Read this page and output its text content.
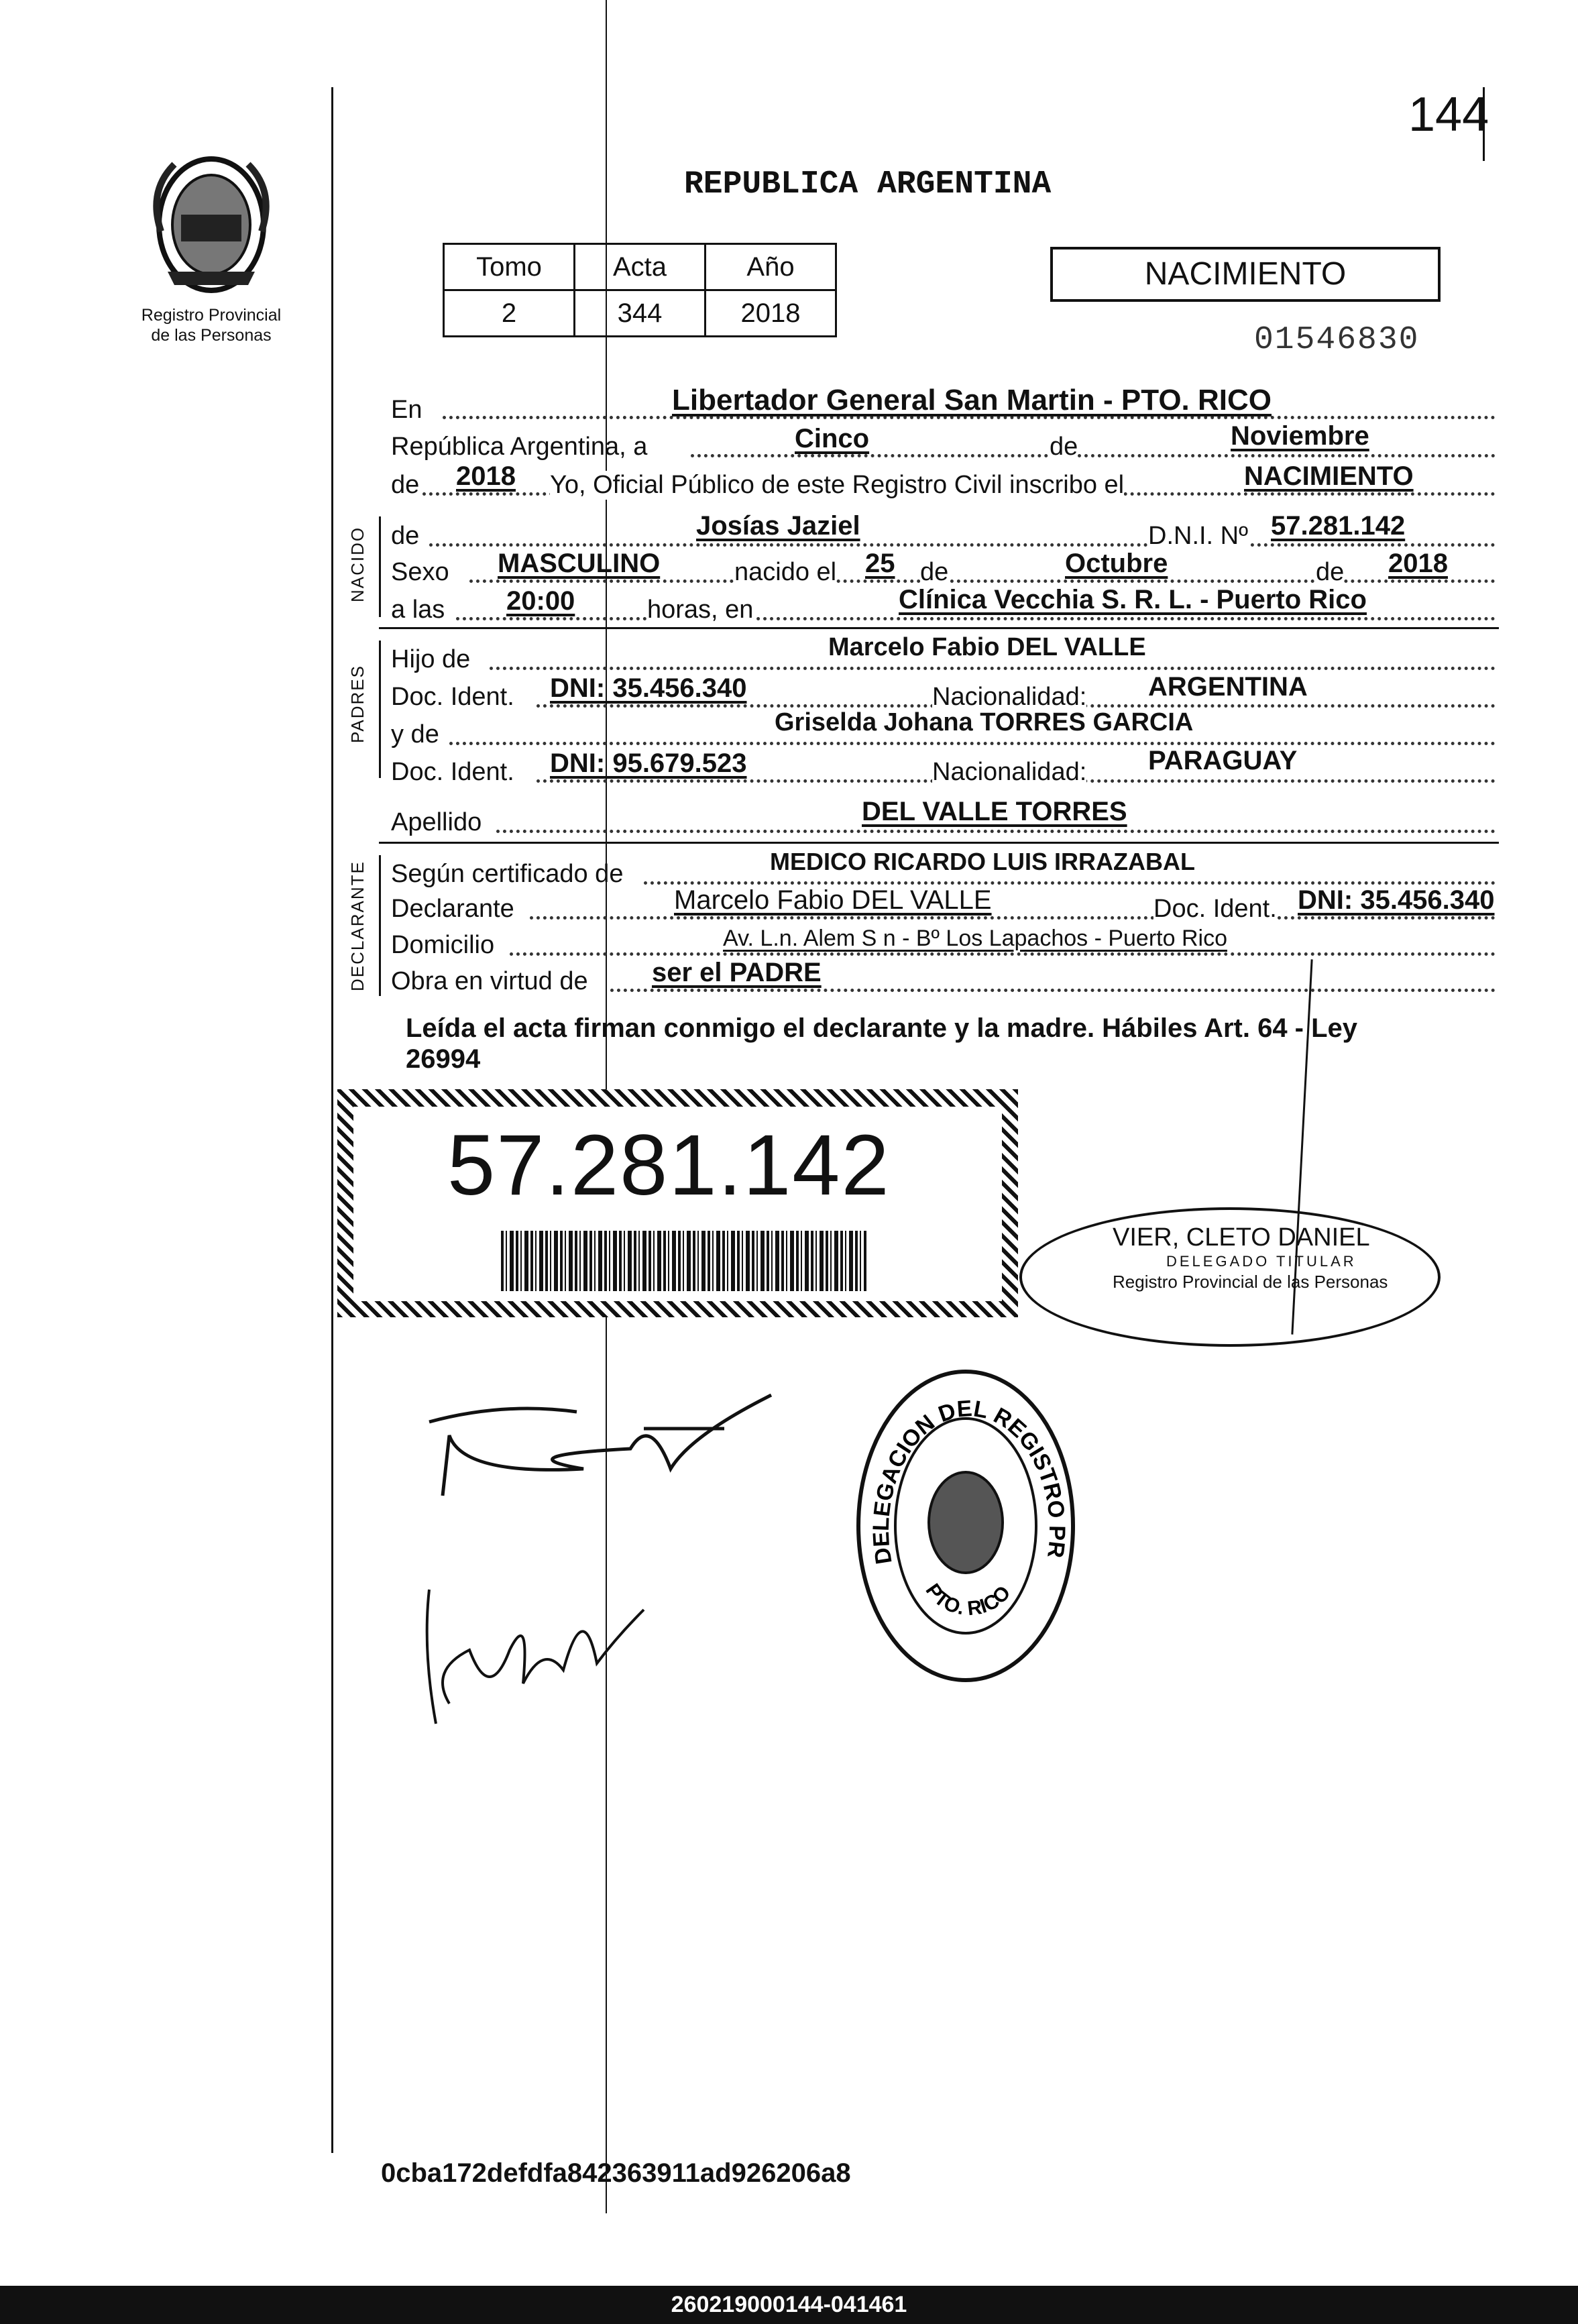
144
Registro Provincial
de las Personas
REPUBLICA ARGENTINA
Tomo	Acta	Año
2	344	2018
NACIMIENTO
01546830
En	Libertador General San Martin - PTO. RICO
República Argentina, a	Cinco	de	Noviembre
de 2018 Yo, Oficial Público de este Registro Civil inscribo el	NACIMIENTO
NACIDO de	Josías Jaziel	D.N.I. Nº 57.281.142
Sexo MASCULINO	nacido el 25 de	Octubre	de 2018
a las 20:00	horas, en	Clínica Vecchia S. R. L. - Puerto Rico
PADRES
Hijo de	Marcelo Fabio DEL VALLE
Doc. Ident. DNI: 35.456.340	Nacionalidad: ARGENTINA
y de	Griselda Johana TORRES GARCIA
Doc. Ident. DNI: 95.679.523	Nacionalidad: PARAGUAY
Apellido	DEL VALLE TORRES
DECLARANTE Según certificado de	MEDICO RICARDO LUIS IRRAZABAL
Declarante	Marcelo Fabio DEL VALLE	Doc. Ident. DNI: 35.456.340
Domicilio	Av. L.n. Alem S n - Bº Los Lapachos - Puerto Rico
Obra en virtud de ser el PADRE
Leída el acta firman conmigo el declarante y la madre. Hábiles Art. 64 - Ley
26994
57.281.142
VIER, CLETO DANIEL
DELEGADO TITULAR
Registro Provincial de las Personas
DELEGACION DEL REGISTRO PR
PTO. RICO
0cba172defdfa842363911ad926206a8
260219000144-041461
